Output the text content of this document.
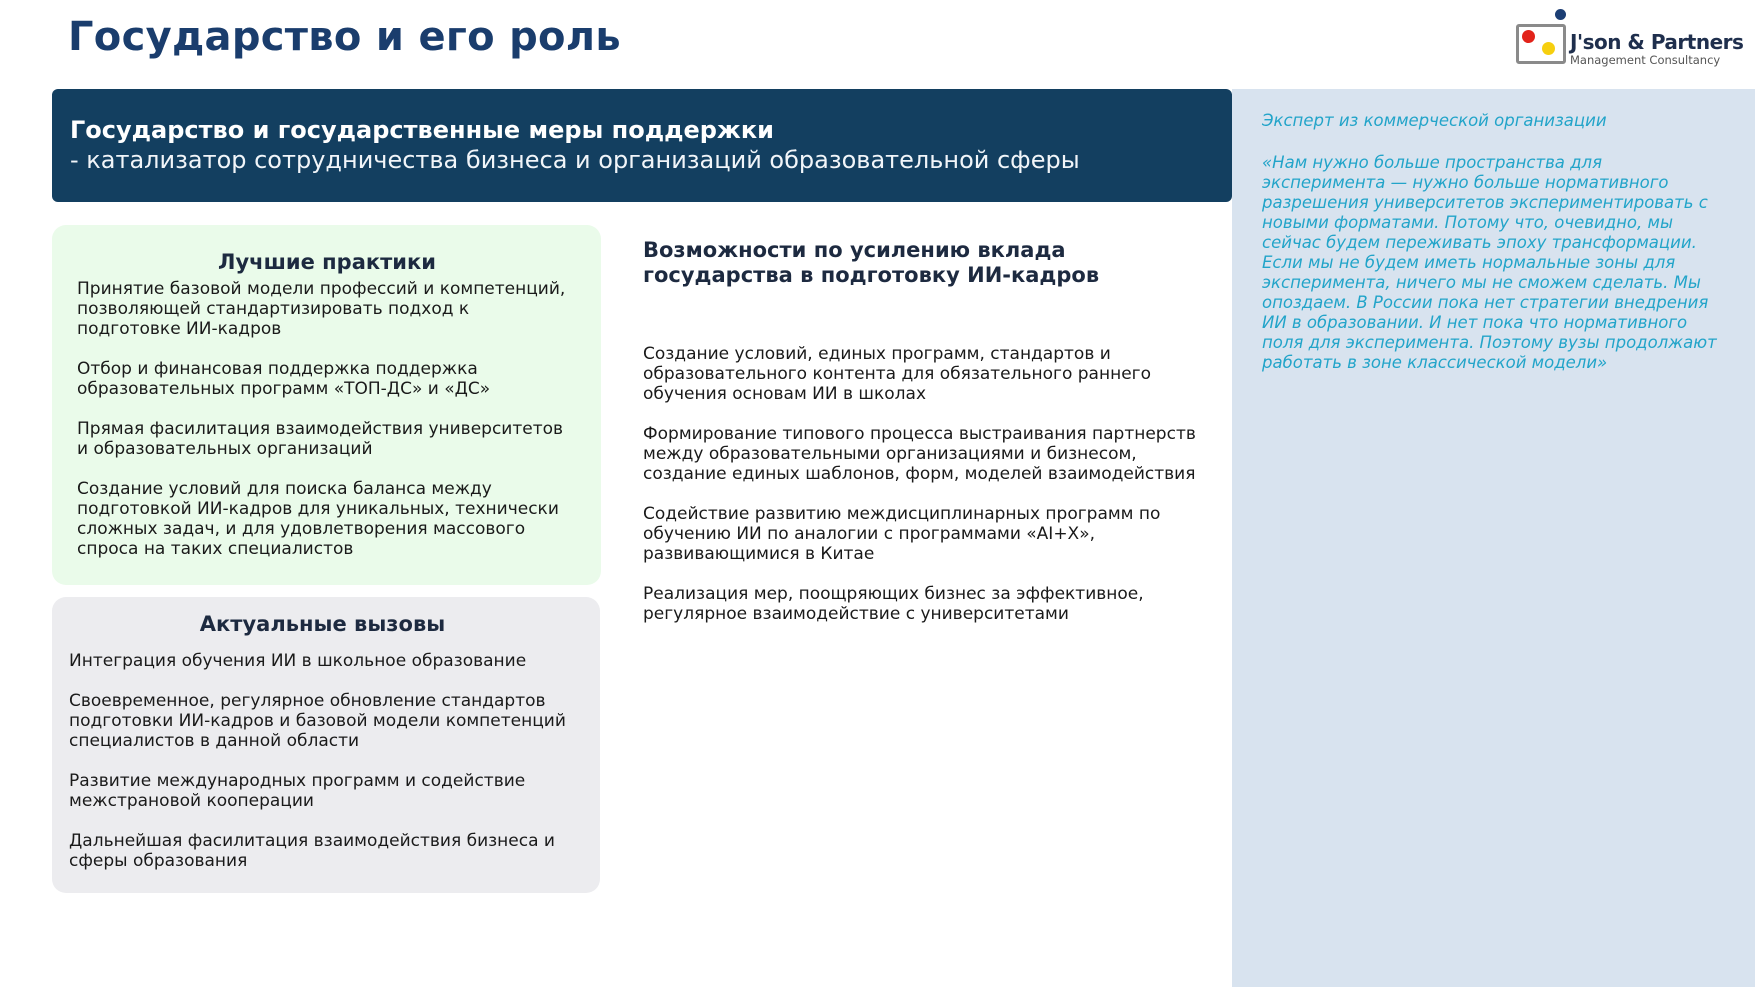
Государство и его роль	J'son & Partners
Management Consultancy

Государство и государственные меры поддержки

- катализатор сотрудничества бизнеса и организаций образовательной сферы

Эксперт из коммерческой организации

«Нам нужно больше пространства для эксперимента — нужно больше нормативного разрешения университетов экспериментировать с новыми форматами. Потому что, очевидно, мы сейчас будем переживать эпоху трансформации. Если мы не будем иметь нормальные зоны для эксперимента, ничего мы не сможем сделать. Мы опоздаем. В России пока нет стратегии внедрения ИИ в образовании. И нет пока что нормативного поля для эксперимента. Поэтому вузы продолжают работать в зоне классической модели»

Лучшие практики

Принятие базовой модели профессий и компетенций, позволяющей стандартизировать подход к подготовке ИИ-кадров
Отбор и финансовая поддержка поддержка образовательных программ «ТОП-ДС» и «ДС»
Прямая фасилитация взаимодействия университетов и образовательных организаций
Создание условий для поиска баланса между подготовкой ИИ-кадров для уникальных, технически сложных задач, и для удовлетворения массового спроса на таких специалистов

Актуальные вызовы

Интеграция обучения ИИ в школьное образование
Своевременное, регулярное обновление стандартов подготовки ИИ-кадров и базовой модели компетенций специалистов в данной области
Развитие международных программ и содействие межстрановой кооперации
Дальнейшая фасилитация взаимодействия бизнеса и сферы образования

Возможности по усилению вклада государства в подготовку ИИ-кадров

Создание условий, единых программ, стандартов и образовательного контента для обязательного раннего обучения основам ИИ в школах
Формирование типового процесса выстраивания партнерств между образовательными организациями и бизнесом, создание единых шаблонов, форм, моделей взаимодействия
Содействие развитию междисциплинарных программ по обучению ИИ по аналогии с программами «AI+X», развивающимися в Китае
Реализация мер, поощряющих бизнес за эффективное, регулярное взаимодействие с университетами
